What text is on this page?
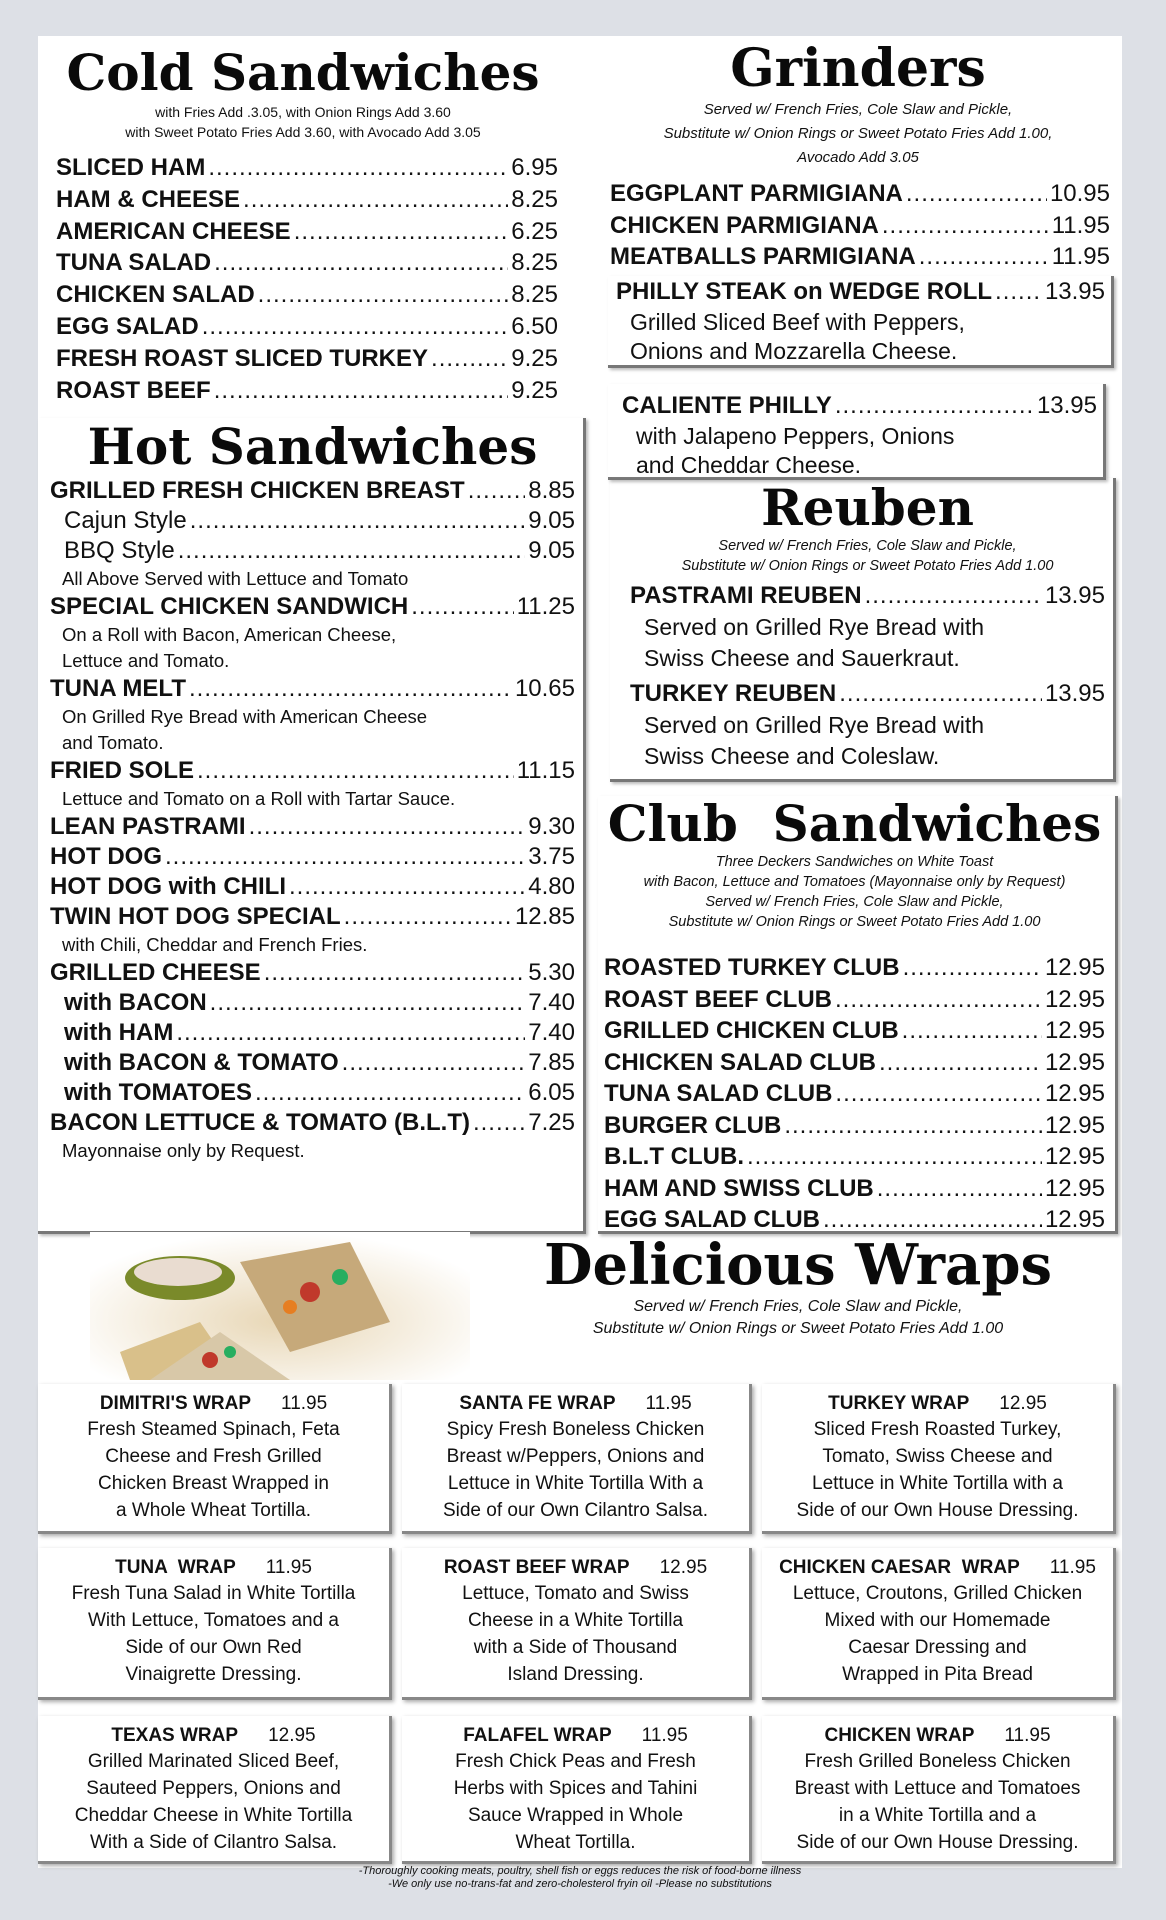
Cold Sandwiches
with Fries Add .3.05, with Onion Rings Add 3.60
with Sweet Potato Fries Add 3.60, with Avocado Add 3.05
SLICED HAM .....	6.95
HAM & CHEESE .....	8.25
AMERICAN CHEESE .....	6.25
TUNA SALAD .....	8.25
CHICKEN SALAD .....	8.25
EGG SALAD .....	6.50
FRESH ROAST SLICED TURKEY .....	9.25
ROAST BEEF .....	9.25
Hot Sandwiches
GRILLED FRESH CHICKEN BREAST .....	8.85
Cajun Style .....	9.05
BBQ Style .....	9.05
All Above Served with Lettuce and Tomato
SPECIAL CHICKEN SANDWICH .....	11.25
On a Roll with Bacon, American Cheese,
Lettuce and Tomato.
TUNA MELT .....	10.65
On Grilled Rye Bread with American Cheese
and Tomato.
FRIED SOLE .....	11.15
Lettuce and Tomato on a Roll with Tartar Sauce.
LEAN PASTRAMI .....	9.30
HOT DOG .....	3.75
HOT DOG with CHILI .....	4.80
TWIN HOT DOG SPECIAL .....	12.85
with Chili, Cheddar and French Fries.
GRILLED CHEESE .....	5.30
with BACON .....	7.40
with HAM .....	7.40
with BACON & TOMATO .....	7.85
with TOMATOES .....	6.05
BACON LETTUCE & TOMATO (B.L.T) ..... 7.25
Mayonnaise only by Request.
Grinders
Served w/ French Fries, Cole Slaw and Pickle,
Substitute w/ Onion Rings or Sweet Potato Fries Add 1.00,
Avocado Add 3.05
EGGPLANT PARMIGIANA .....	10.95
CHICKEN PARMIGIANA .....	11.95
MEATBALLS PARMIGIANA .....	11.95
PHILLY STEAK on WEDGE ROLL ..... 13.95
Grilled Sliced Beef with Peppers,
Onions and Mozzarella Cheese.
CALIENTE PHILLY .....	13.95
with Jalapeno Peppers, Onions
and Cheddar Cheese.
Reuben
Served w/ French Fries, Cole Slaw and Pickle,
Substitute w/ Onion Rings or Sweet Potato Fries Add 1.00
PASTRAMI REUBEN .....	13.95
Served on Grilled Rye Bread with
Swiss Cheese and Sauerkraut.
TURKEY REUBEN .....	13.95
Served on Grilled Rye Bread with
Swiss Cheese and Coleslaw.
Club  Sandwiches
Three Deckers Sandwiches on White Toast
with Bacon, Lettuce and Tomatoes (Mayonnaise only by Request)
Served w/ French Fries, Cole Slaw and Pickle,
Substitute w/ Onion Rings or Sweet Potato Fries Add 1.00
ROASTED TURKEY CLUB .....	12.95
ROAST BEEF CLUB .....	12.95
GRILLED CHICKEN CLUB .....	12.95
CHICKEN SALAD CLUB .....	12.95
TUNA SALAD CLUB .....	12.95
BURGER CLUB .....	12.95
B.L.T CLUB. .....	12.95
HAM AND SWISS CLUB .....	12.95
EGG SALAD CLUB .....	12.95
Delicious Wraps
Served w/ French Fries, Cole Slaw and Pickle,
Substitute w/ Onion Rings or Sweet Potato Fries Add 1.00
DIMITRI'S WRAP 11.95
Fresh Steamed Spinach, Feta
Cheese and Fresh Grilled
Chicken Breast Wrapped in
a Whole Wheat Tortilla.
SANTA FE WRAP 11.95
Spicy Fresh Boneless Chicken
Breast w/Peppers, Onions and
Lettuce in White Tortilla With a
Side of our Own Cilantro Salsa.
TURKEY WRAP 12.95
Sliced Fresh Roasted Turkey,
Tomato, Swiss Cheese and
Lettuce in White Tortilla with a
Side of our Own House Dressing.
TUNA  WRAP 11.95
Fresh Tuna Salad in White Tortilla
With Lettuce, Tomatoes and a
Side of our Own Red
Vinaigrette Dressing.
ROAST BEEF WRAP 12.95
Lettuce, Tomato and Swiss
Cheese in a White Tortilla
with a Side of Thousand
Island Dressing.
CHICKEN CAESAR  WRAP 11.95
Lettuce, Croutons, Grilled Chicken
Mixed with our Homemade
Caesar Dressing and
Wrapped in Pita Bread
TEXAS WRAP 12.95
Grilled Marinated Sliced Beef,
Sauteed Peppers, Onions and
Cheddar Cheese in White Tortilla
With a Side of Cilantro Salsa.
FALAFEL WRAP 11.95
Fresh Chick Peas and Fresh
Herbs with Spices and Tahini
Sauce Wrapped in Whole
Wheat Tortilla.
CHICKEN WRAP 11.95
Fresh Grilled Boneless Chicken
Breast with Lettuce and Tomatoes
in a White Tortilla and a
Side of our Own House Dressing.
-Thoroughly cooking meats, poultry, shell fish or eggs reduces the risk of food-borne illness
-We only use no-trans-fat and zero-cholesterol fryin oil -Please no substitutions
